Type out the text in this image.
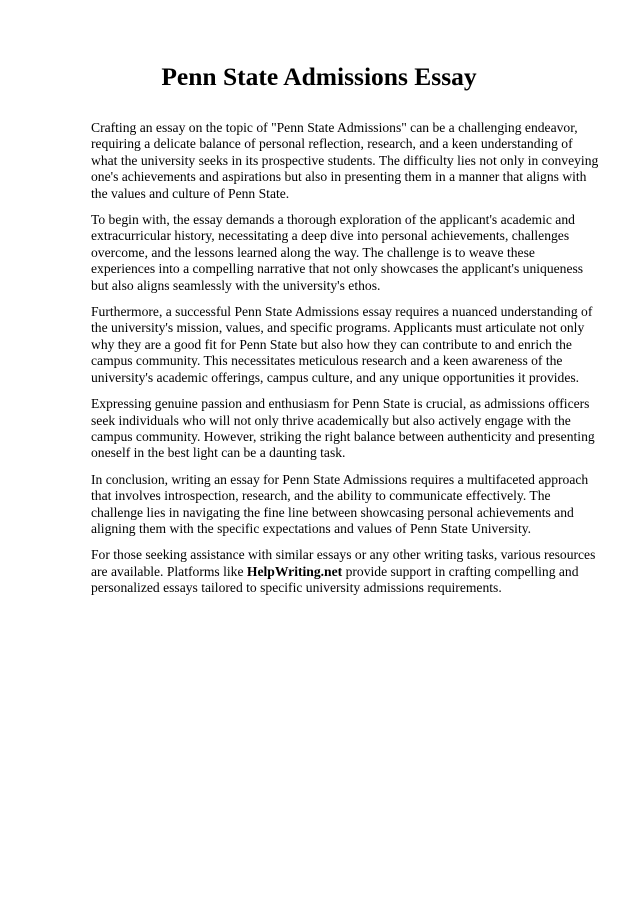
Penn State Admissions Essay

Crafting an essay on the topic of "Penn State Admissions" can be a challenging endeavor, requiring a delicate balance of personal reflection, research, and a keen understanding of what the university seeks in its prospective students. The difficulty lies not only in conveying one's achievements and aspirations but also in presenting them in a manner that aligns with the values and culture of Penn State.

To begin with, the essay demands a thorough exploration of the applicant's academic and extracurricular history, necessitating a deep dive into personal achievements, challenges overcome, and the lessons learned along the way. The challenge is to weave these experiences into a compelling narrative that not only showcases the applicant's uniqueness but also aligns seamlessly with the university's ethos.

Furthermore, a successful Penn State Admissions essay requires a nuanced understanding of the university's mission, values, and specific programs. Applicants must articulate not only why they are a good fit for Penn State but also how they can contribute to and enrich the campus community. This necessitates meticulous research and a keen awareness of the university's academic offerings, campus culture, and any unique opportunities it provides.

Expressing genuine passion and enthusiasm for Penn State is crucial, as admissions officers seek individuals who will not only thrive academically but also actively engage with the campus community. However, striking the right balance between authenticity and presenting oneself in the best light can be a daunting task.

In conclusion, writing an essay for Penn State Admissions requires a multifaceted approach that involves introspection, research, and the ability to communicate effectively. The challenge lies in navigating the fine line between showcasing personal achievements and aligning them with the specific expectations and values of Penn State University.

For those seeking assistance with similar essays or any other writing tasks, various resources are available. Platforms like HelpWriting.net provide support in crafting compelling and personalized essays tailored to specific university admissions requirements.
